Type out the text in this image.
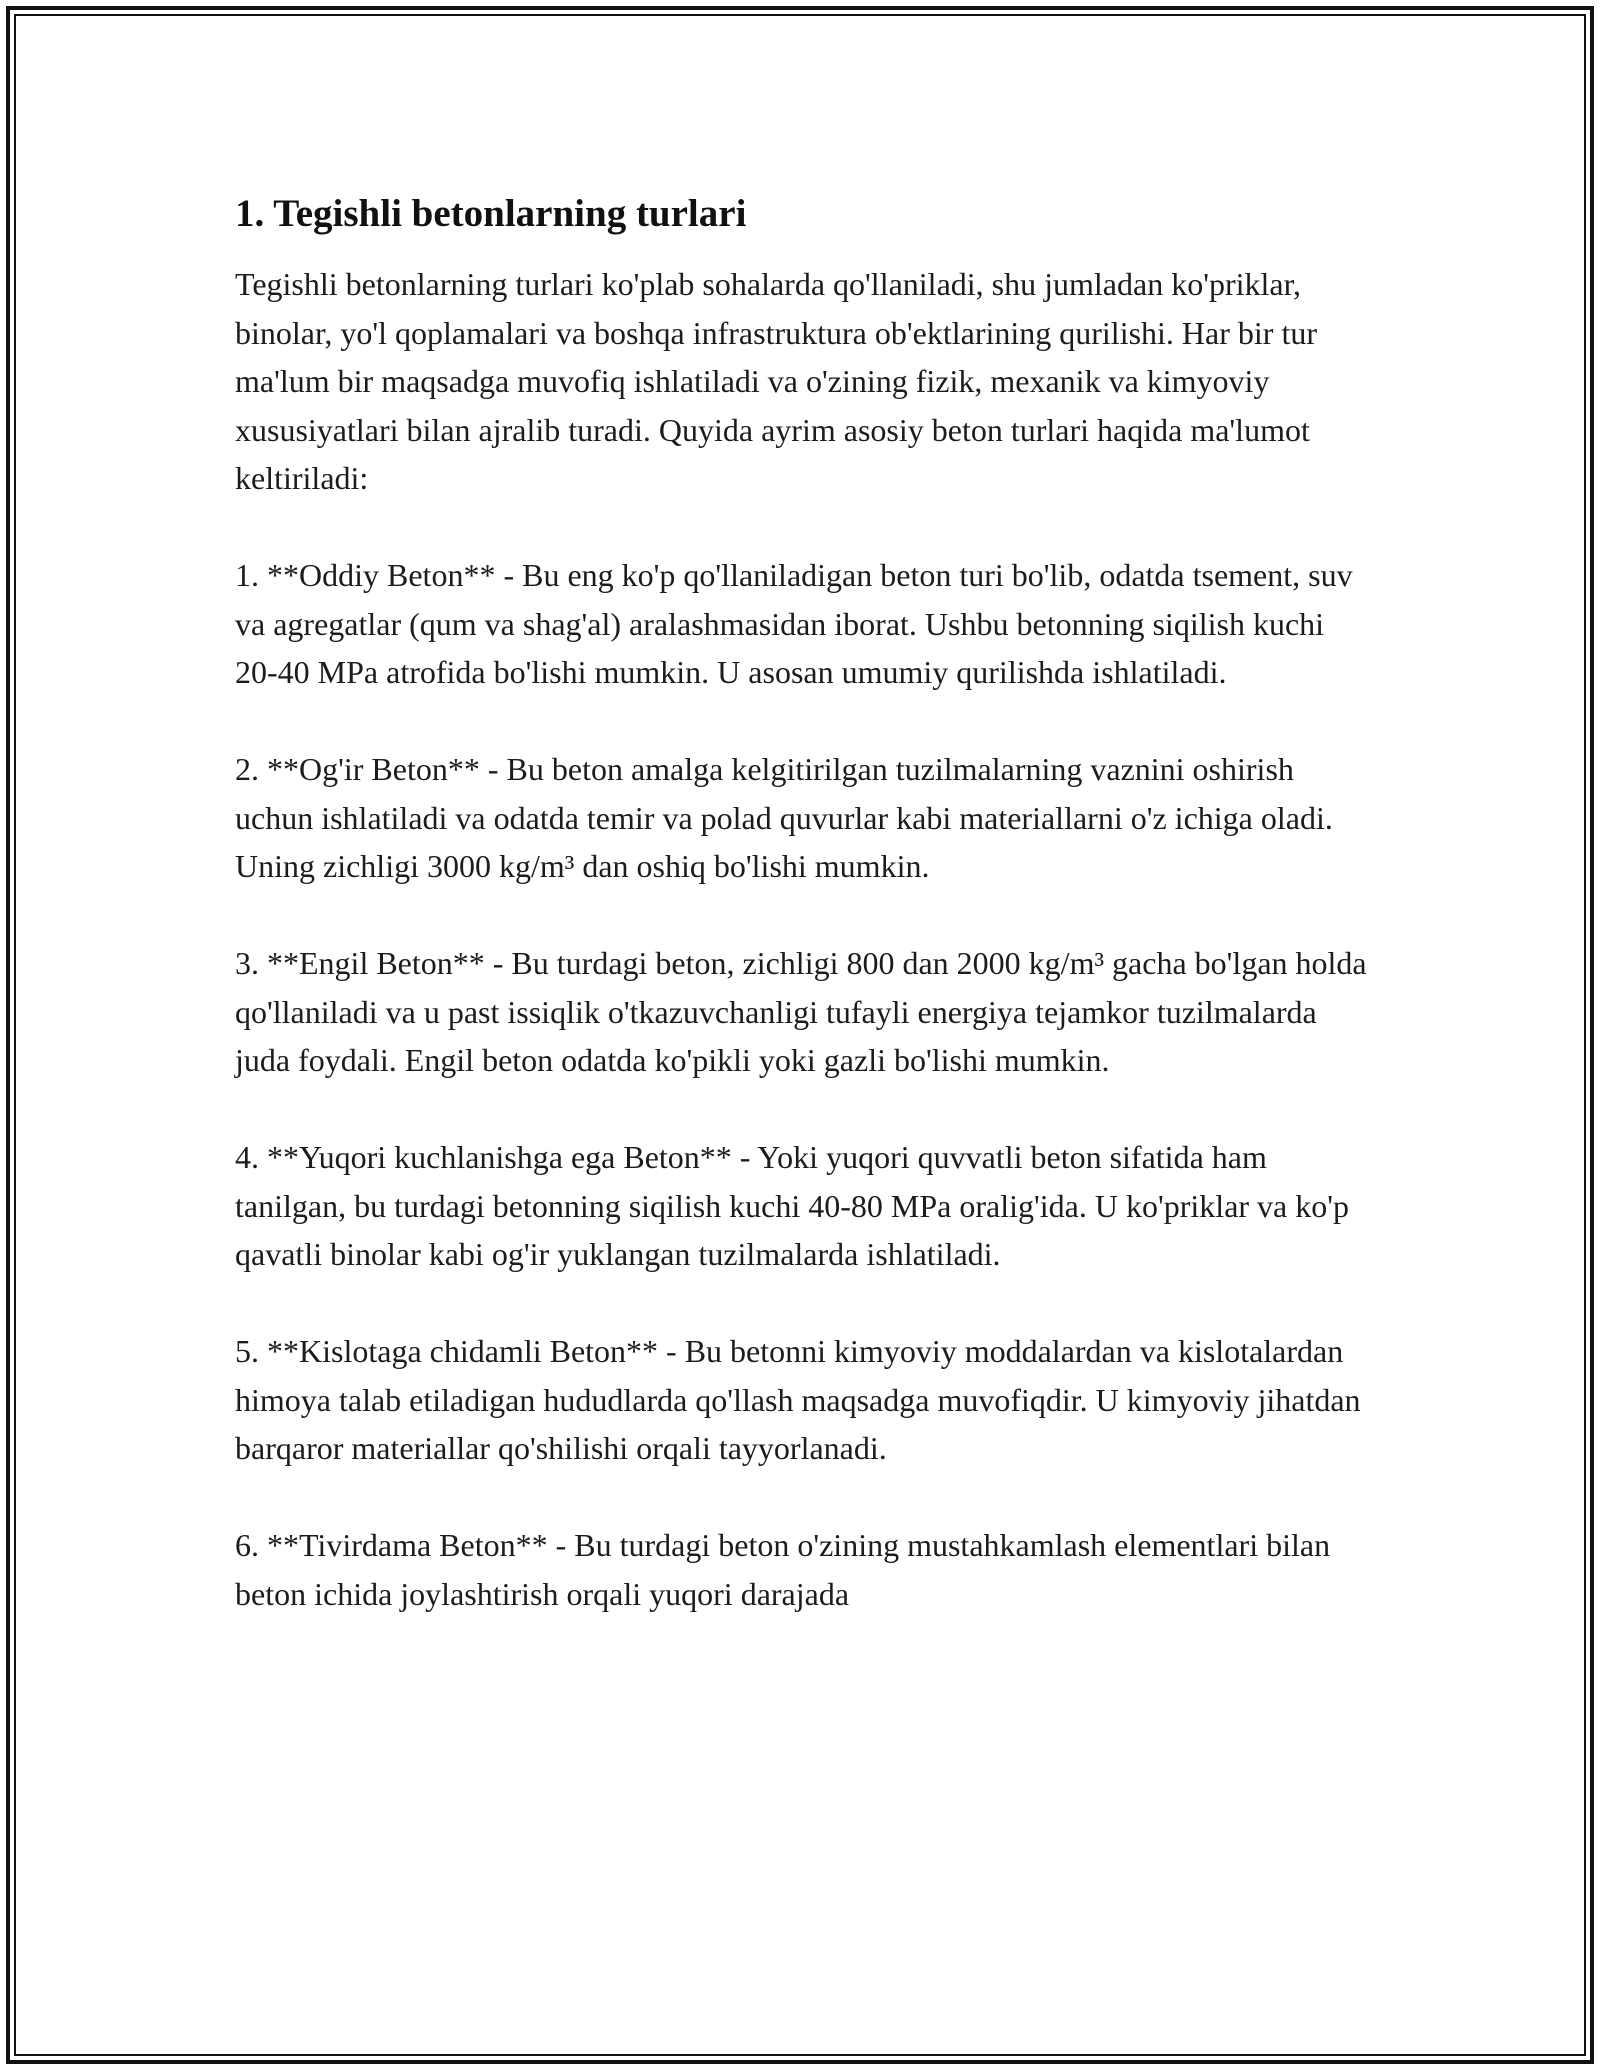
1. Tegishli betonlarning turlari

Tegishli betonlarning turlari ko'plab sohalarda qo'llaniladi, shu jumladan ko'priklar, binolar, yo'l qoplamalari va boshqa infrastruktura ob'ektlarining qurilishi. Har bir tur ma'lum bir maqsadga muvofiq ishlatiladi va o'zining fizik, mexanik va kimyoviy xususiyatlari bilan ajralib turadi. Quyida ayrim asosiy beton turlari haqida ma'lumot keltiriladi:

1. **Oddiy Beton** - Bu eng ko'p qo'llaniladigan beton turi bo'lib, odatda tsement, suv va agregatlar (qum va shag'al) aralashmasidan iborat. Ushbu betonning siqilish kuchi 20-40 MPa atrofida bo'lishi mumkin. U asosan umumiy qurilishda ishlatiladi.

2. **Og'ir Beton** - Bu beton amalga kelgitirilgan tuzilmalarning vaznini oshirish uchun ishlatiladi va odatda temir va polad quvurlar kabi materiallarni o'z ichiga oladi. Uning zichligi 3000 kg/m³ dan oshiq bo'lishi mumkin.

3. **Engil Beton** - Bu turdagi beton, zichligi 800 dan 2000 kg/m³ gacha bo'lgan holda qo'llaniladi va u past issiqlik o'tkazuvchanligi tufayli energiya tejamkor tuzilmalarda juda foydali. Engil beton odatda ko'pikli yoki gazli bo'lishi mumkin.

4. **Yuqori kuchlanishga ega Beton** - Yoki yuqori quvvatli beton sifatida ham tanilgan, bu turdagi betonning siqilish kuchi 40-80 MPa oralig'ida. U ko'priklar va ko'p qavatli binolar kabi og'ir yuklangan tuzilmalarda ishlatiladi.

5. **Kislotaga chidamli Beton** - Bu betonni kimyoviy moddalardan va kislotalardan himoya talab etiladigan hududlarda qo'llash maqsadga muvofiqdir. U kimyoviy jihatdan barqaror materiallar qo'shilishi orqali tayyorlanadi.

6. **Tivirdama Beton** - Bu turdagi beton o'zining mustahkamlash elementlari bilan beton ichida joylashtirish orqali yuqori darajada
